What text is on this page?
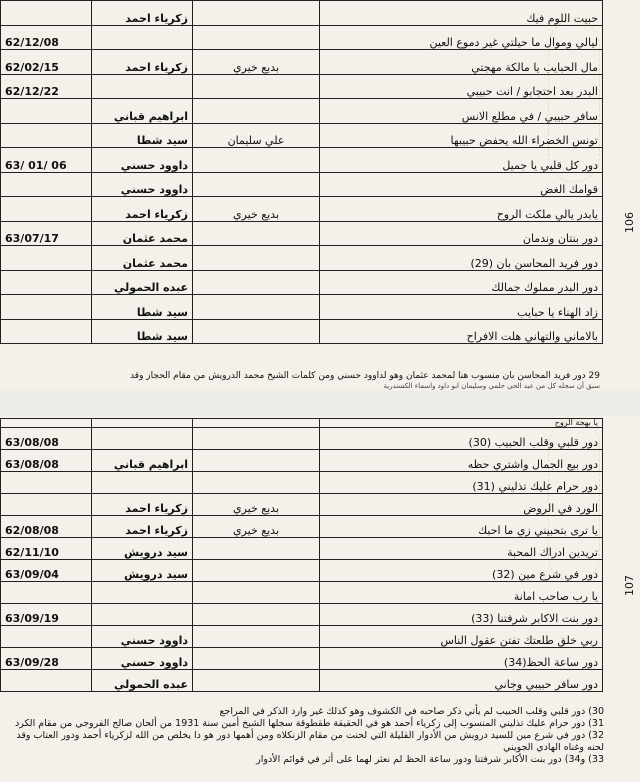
حبيت اللوم فيك		زكرياء احمد	
ليالي وموال ما حيلتي غير دموع العين			62/12/08
مال الحبايب يا مالكة مهجتي	بديع خيري	زكرياء احمد	62/02/15
البدر بعد احتجابو / انت حبيبي			62/12/22
سافر حبيبي / في مطلع الانس		ابراهيم قباني	
تونس الخضراء الله يحفض حبيبها	علي سليمان	سيد شطا	
دور كل قلبي يا جميل		داوود حسني	63/ 01/ 06
قوامك الغض		داوود حسني	
يابدر يالي ملكت الروح	بديع خيري	زكرياء احمد	
دور بنتان وندمان		محمد عثمان	63/07/17
دور فريد المحاسن بان (29)		محمد عثمان	
دور البدر مملوك جمالك		عبده الحمولي	
زاد الهناء يا حبايب		سيد شطا	
بالاماني والتهاني هلت الافراح		سيد شطا	
29 دور فريد المحاسن بان منسوب هنا لمحمد عثمان وهو لداوود حسني ومن كلمات الشيخ محمد الدرويش من مقام الحجاز وقد
سبق أن سجله كل من عبد الحي حلمي وسليمان ابو داود واسماء الكسندرية
يا بهجة الروح			
دور قلبي وقلب الحبيب (30)			63/08/08
دور بيع الجمال واشتري حظه		ابراهيم قباني	63/08/08
دور حرام عليك تذليني (31)			
الورد في الروض	بديع خيري	زكرياء احمد	
يا ترى بتحبيني زي ما احبك	بديع خيري	زكرياء احمد	62/08/08
تريدين ادراك المحبة		سيد درويش	62/11/10
دور في شرع مين (32)		سيد درويش	63/09/04
يا رب صاحب امانة			
دور بنت الاكابر شرفتنا (33)			63/09/19
ربي خلق طلعتك تفتن عقول الناس		داوود حسني	
دور ساعة الحظ(34)		داوود حسني	63/09/28
دور سافر حبيبي وجاني		عبده الحمولي	
106
107

30) دور قلبي وقلب الحبيب لم يأتي ذكر صاحبه في الكشوف وهو كذلك غير وارد الذكر في المراجع

31) دور حرام عليك تذليني المنسوب إلى زكرياء أحمد هو في الحقيقة طقطوقة سجلها الشيخ أمين سنة 1931 من ألحان صالح الفروجي من مقام الكرد

32) دور في شرع مين للسيد درويش من الأدوار القليلة التي لحنت من مقام الزنكلاه ومن أهمها دور هو دا يخلص من الله لزكرياء أحمد ودور العتاب وقد لحنه وغناه الهادي الجويني

33) و34) دور بنت الأكابر شرفتنا ودور ساعة الحظ لم نعثر لهما على أثر في قوائم الأدوار
